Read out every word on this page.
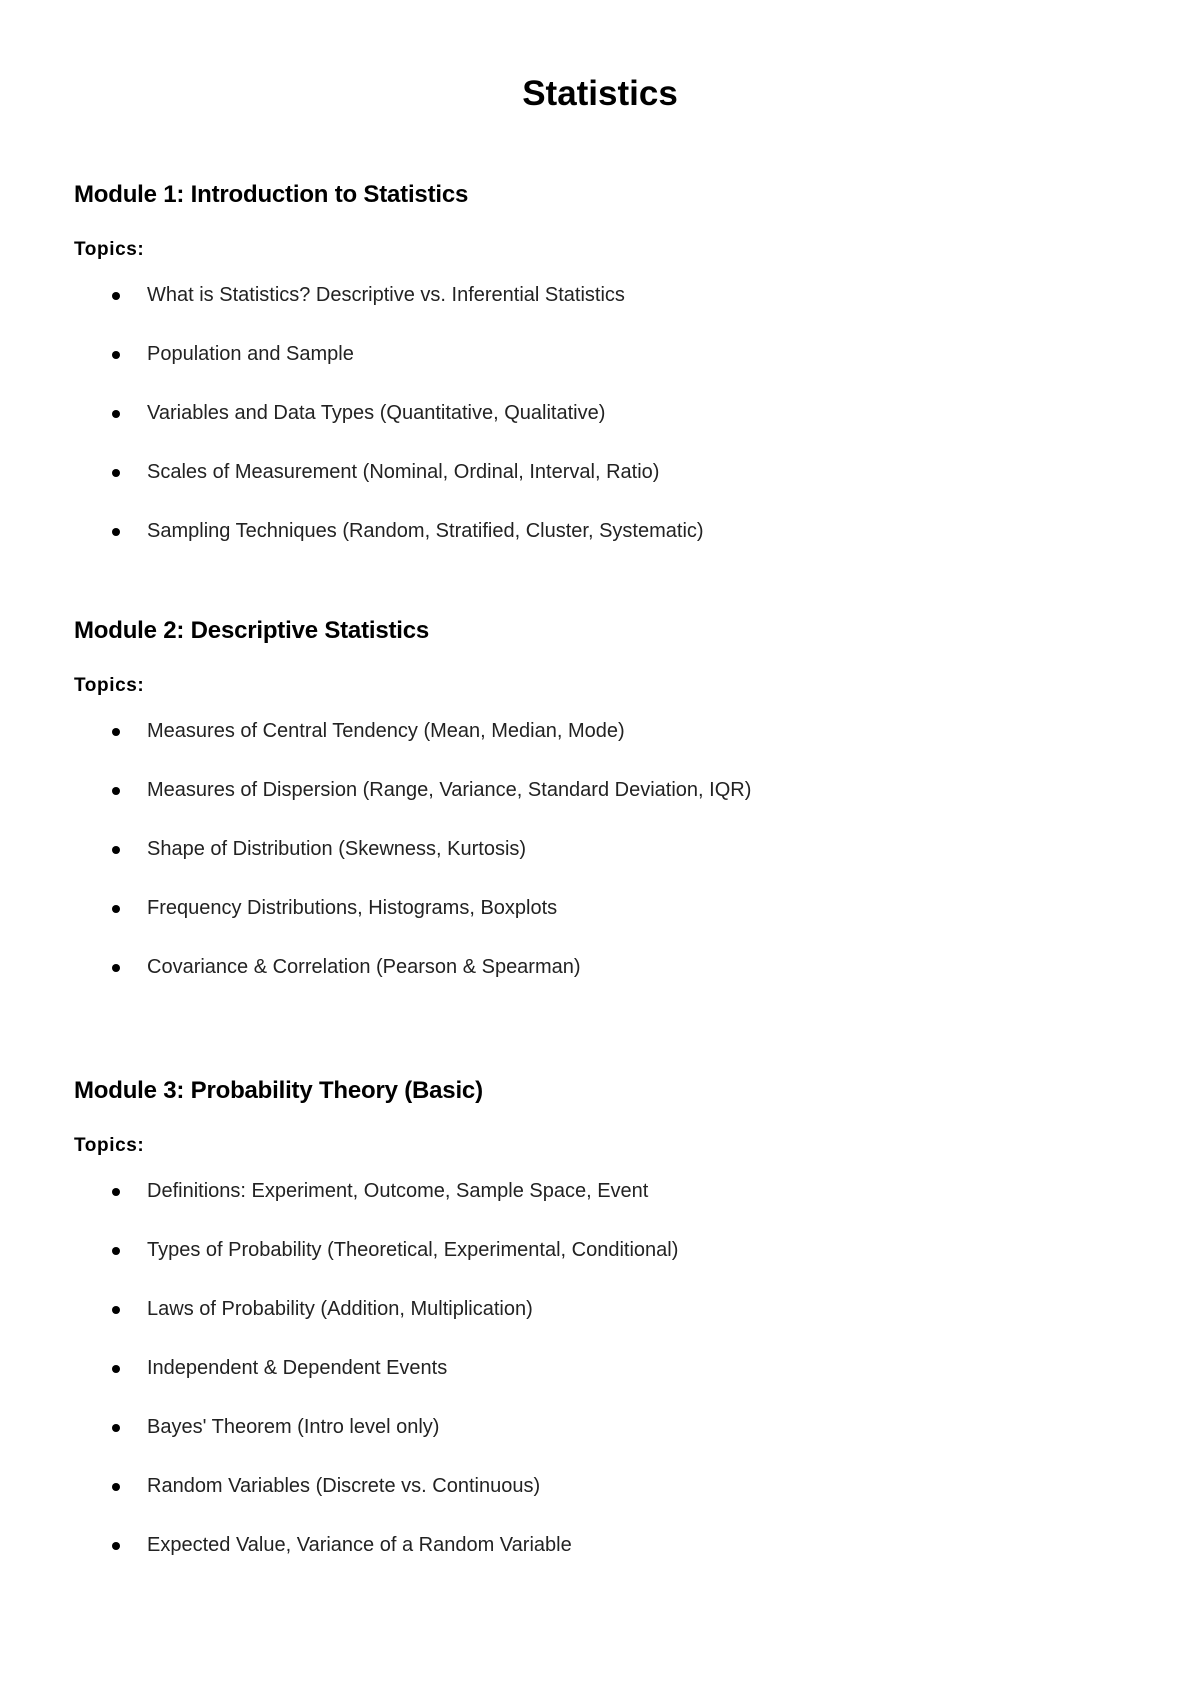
Statistics
Module 1: Introduction to Statistics

Topics:

What is Statistics? Descriptive vs. Inferential Statistics
Population and Sample
Variables and Data Types (Quantitative, Qualitative)
Scales of Measurement (Nominal, Ordinal, Interval, Ratio)
Sampling Techniques (Random, Stratified, Cluster, Systematic)
Module 2: Descriptive Statistics

Topics:

Measures of Central Tendency (Mean, Median, Mode)
Measures of Dispersion (Range, Variance, Standard Deviation, IQR)
Shape of Distribution (Skewness, Kurtosis)
Frequency Distributions, Histograms, Boxplots
Covariance & Correlation (Pearson & Spearman)
Module 3: Probability Theory (Basic)

Topics:

Definitions: Experiment, Outcome, Sample Space, Event
Types of Probability (Theoretical, Experimental, Conditional)
Laws of Probability (Addition, Multiplication)
Independent & Dependent Events
Bayes' Theorem (Intro level only)
Random Variables (Discrete vs. Continuous)
Expected Value, Variance of a Random Variable
